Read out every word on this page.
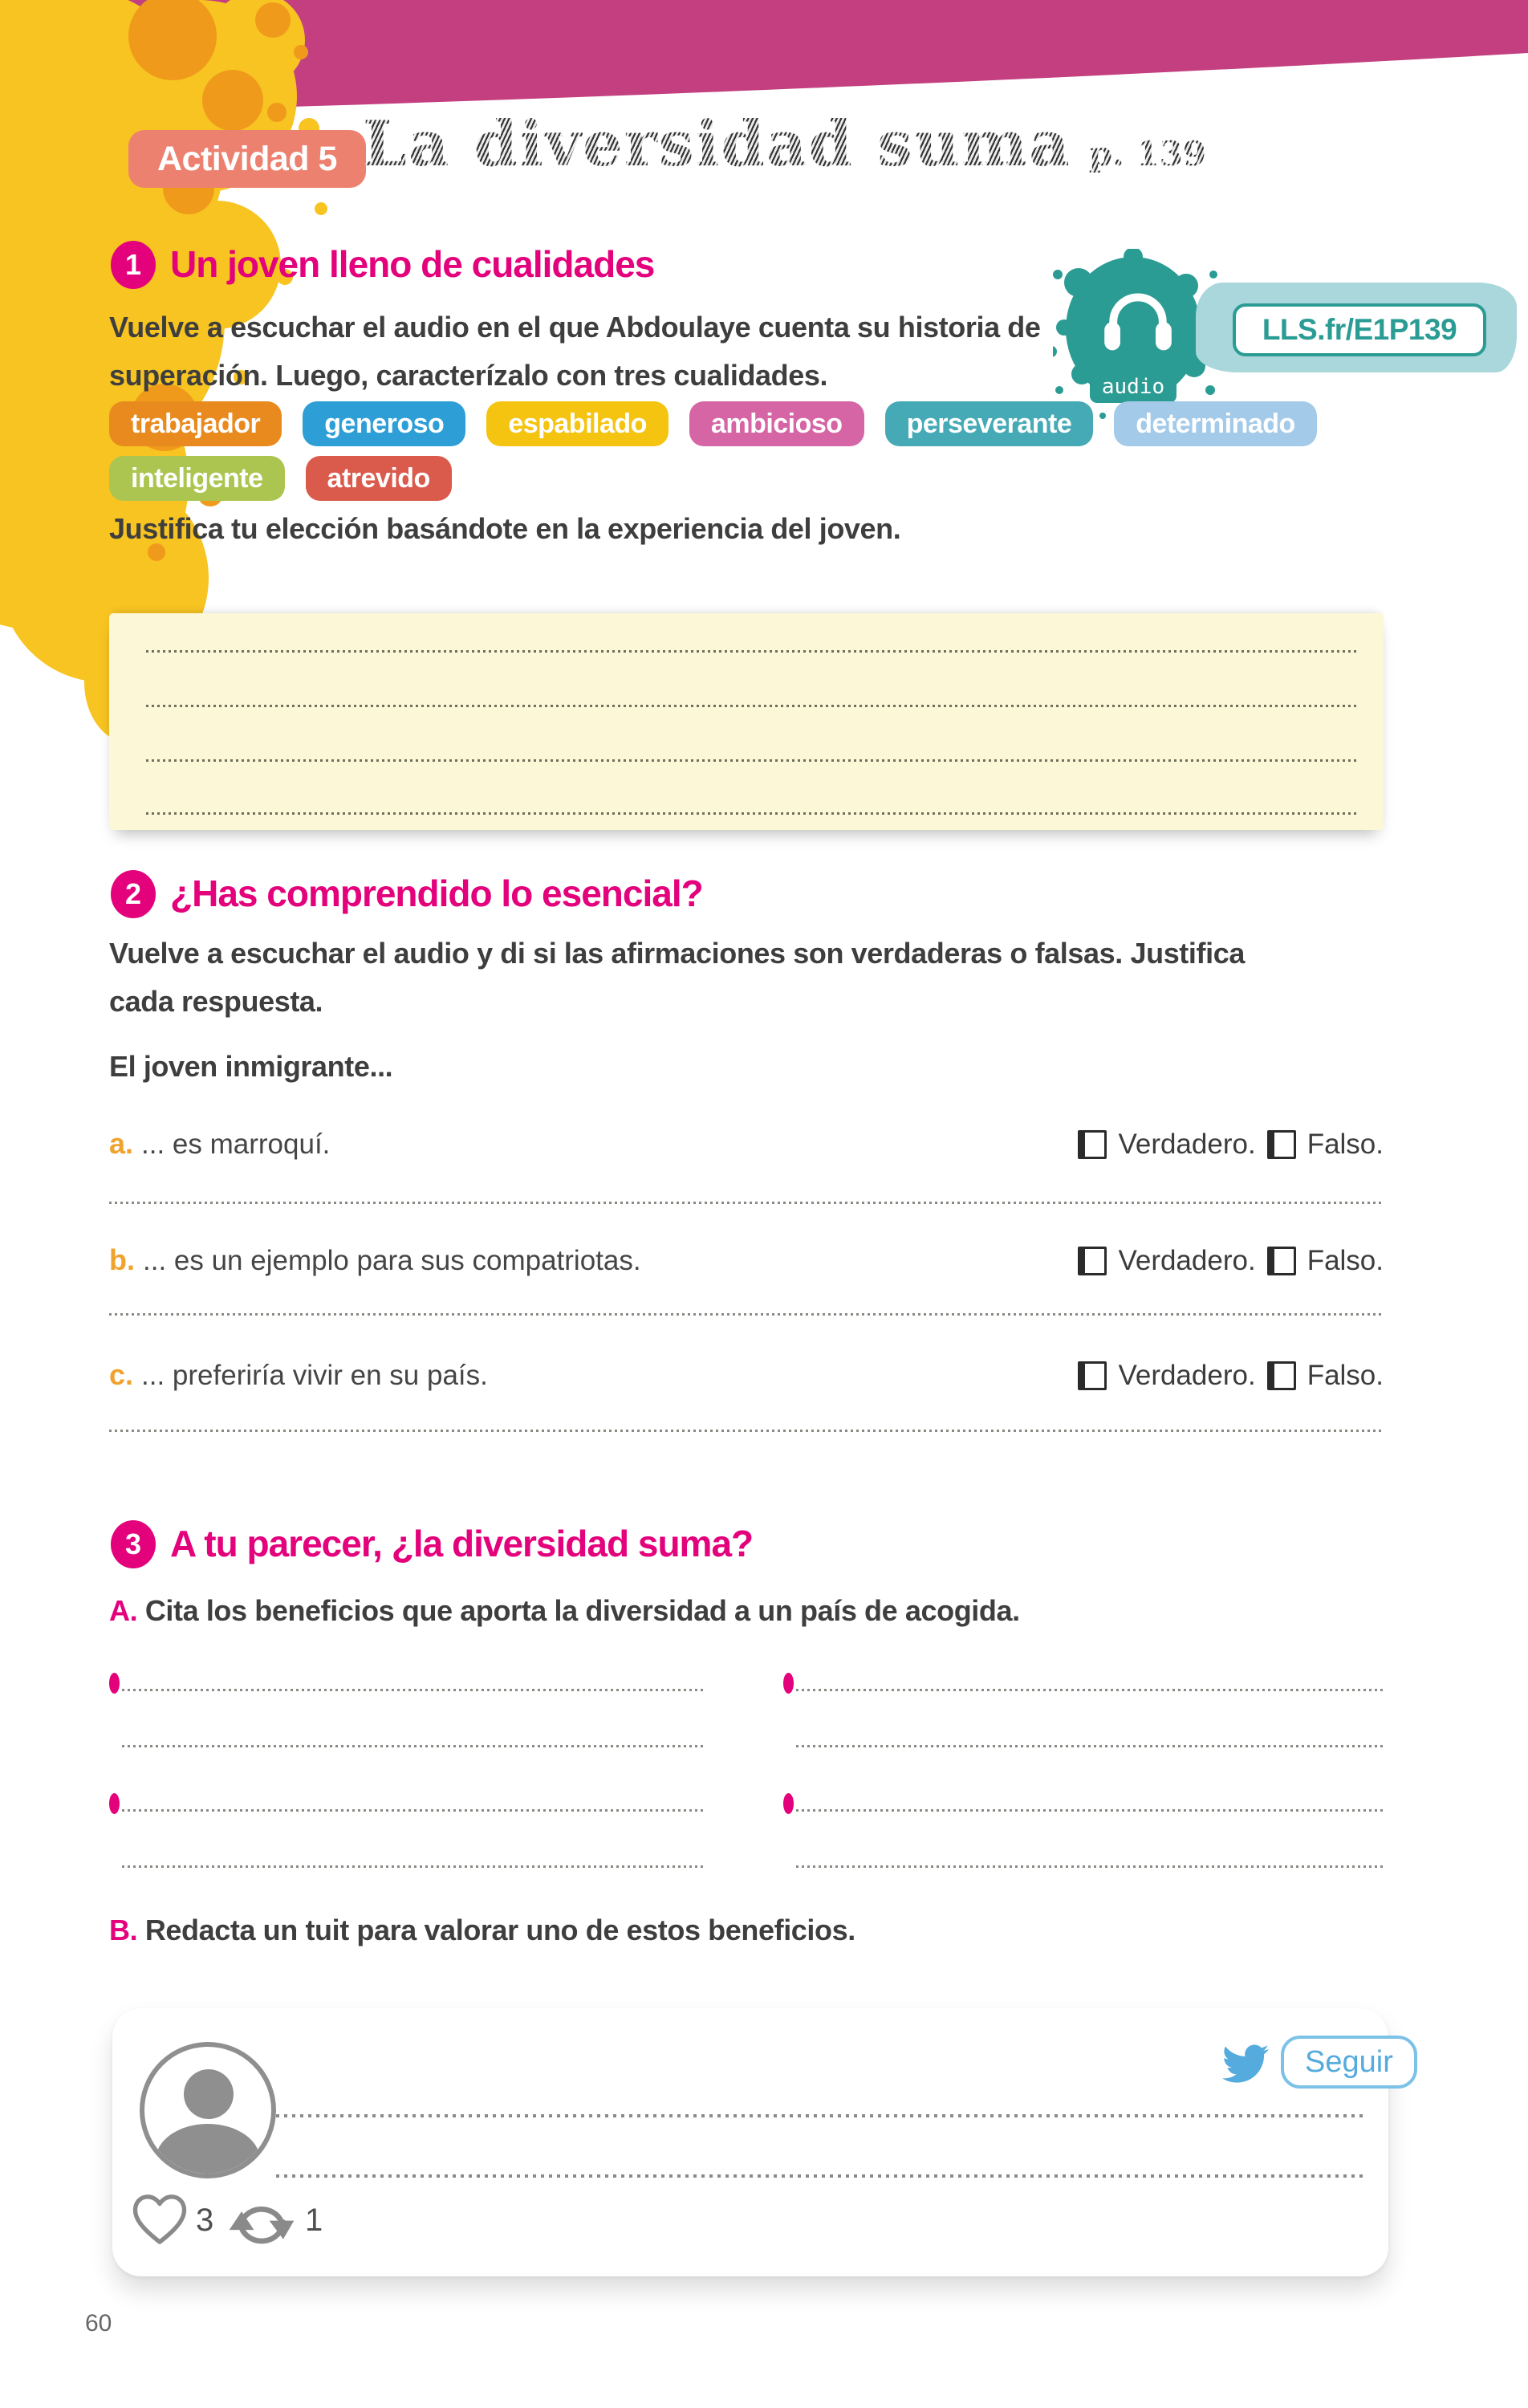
Actividad 5 La diversidad suma p. 139
audio
LLS.fr/E1P139
1 Un joven lleno de cualidades
Vuelve a escuchar el audio en el que Abdoulaye cuenta su historia de superación. Luego, caracterízalo con tres cualidades.
trabajador	generoso	espabilado	ambicioso	perseverante	determinado
inteligente	atrevido
Justifica tu elección basándote en la experiencia del joven.
2 ¿Has comprendido lo esencial?
Vuelve a escuchar el audio y di si las afirmaciones son verdaderas o falsas. Justifica cada respuesta.
El joven inmigrante...
a. ... es marroquí.	Verdadero. Falso.
b. ... es un ejemplo para sus compatriotas.	Verdadero. Falso.
c. ... preferiría vivir en su país.	Verdadero. Falso.
3 A tu parecer, ¿la diversidad suma?
A. Cita los beneficios que aporta la diversidad a un país de acogida.
B. Redacta un tuit para valorar uno de estos beneficios.
Seguir
3	1
60
